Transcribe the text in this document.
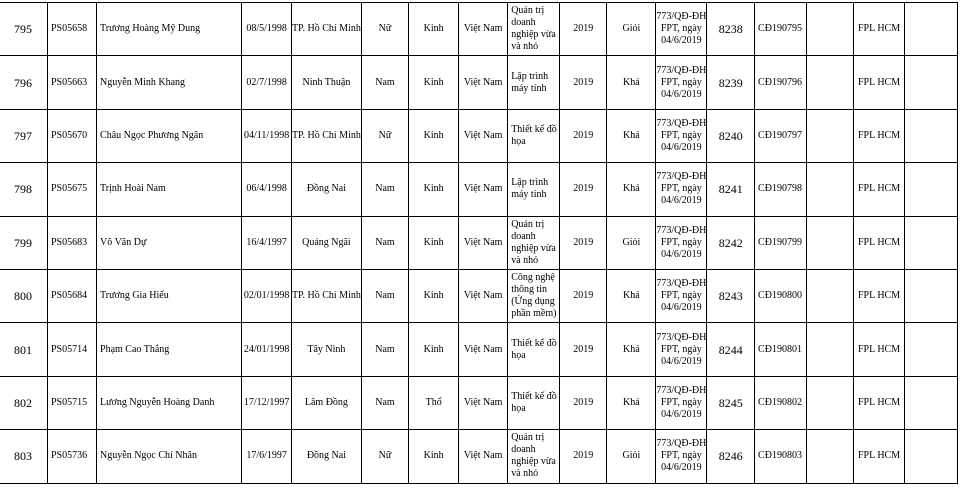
795	PS05658	Trương Hoàng Mỹ Dung	08/5/1998	TP. Hồ Chí Minh	Nữ	Kinh	Việt Nam	Quản trị doanh nghiệp vừa và nhỏ	2019	Giỏi	773/QĐ-ĐH FPT, ngày 04/6/2019	8238	CĐ190795		FPL HCM	
796	PS05663	Nguyễn Minh Khang	02/7/1998	Ninh Thuận	Nam	Kinh	Việt Nam	Lập trình máy tính	2019	Khá	773/QĐ-ĐH FPT, ngày 04/6/2019	8239	CĐ190796		FPL HCM	
797	PS05670	Châu Ngọc Phương Ngân	04/11/1998	TP. Hồ Chí Minh	Nữ	Kinh	Việt Nam	Thiết kế đồ họa	2019	Khá	773/QĐ-ĐH FPT, ngày 04/6/2019	8240	CĐ190797		FPL HCM	
798	PS05675	Trịnh Hoài Nam	06/4/1998	Đồng Nai	Nam	Kinh	Việt Nam	Lập trình máy tính	2019	Khá	773/QĐ-ĐH FPT, ngày 04/6/2019	8241	CĐ190798		FPL HCM	
799	PS05683	Võ Văn Dự	16/4/1997	Quảng Ngãi	Nam	Kinh	Việt Nam	Quản trị doanh nghiệp vừa và nhỏ	2019	Giỏi	773/QĐ-ĐH FPT, ngày 04/6/2019	8242	CĐ190799		FPL HCM	
800	PS05684	Trương Gia Hiếu	02/01/1998	TP. Hồ Chí Minh	Nam	Kinh	Việt Nam	Công nghệ thông tin (Ứng dụng phần mềm)	2019	Khá	773/QĐ-ĐH FPT, ngày 04/6/2019	8243	CĐ190800		FPL HCM	
801	PS05714	Phạm Cao Thắng	24/01/1998	Tây Ninh	Nam	Kinh	Việt Nam	Thiết kế đồ họa	2019	Khá	773/QĐ-ĐH FPT, ngày 04/6/2019	8244	CĐ190801		FPL HCM	
802	PS05715	Lương Nguyễn Hoàng Danh	17/12/1997	Lâm Đồng	Nam	Thổ	Việt Nam	Thiết kế đồ họa	2019	Khá	773/QĐ-ĐH FPT, ngày 04/6/2019	8245	CĐ190802		FPL HCM	
803	PS05736	Nguyễn Ngọc Chí Nhân	17/6/1997	Đồng Nai	Nữ	Kinh	Việt Nam	Quản trị doanh nghiệp vừa và nhỏ	2019	Giỏi	773/QĐ-ĐH FPT, ngày 04/6/2019	8246	CĐ190803		FPL HCM	
